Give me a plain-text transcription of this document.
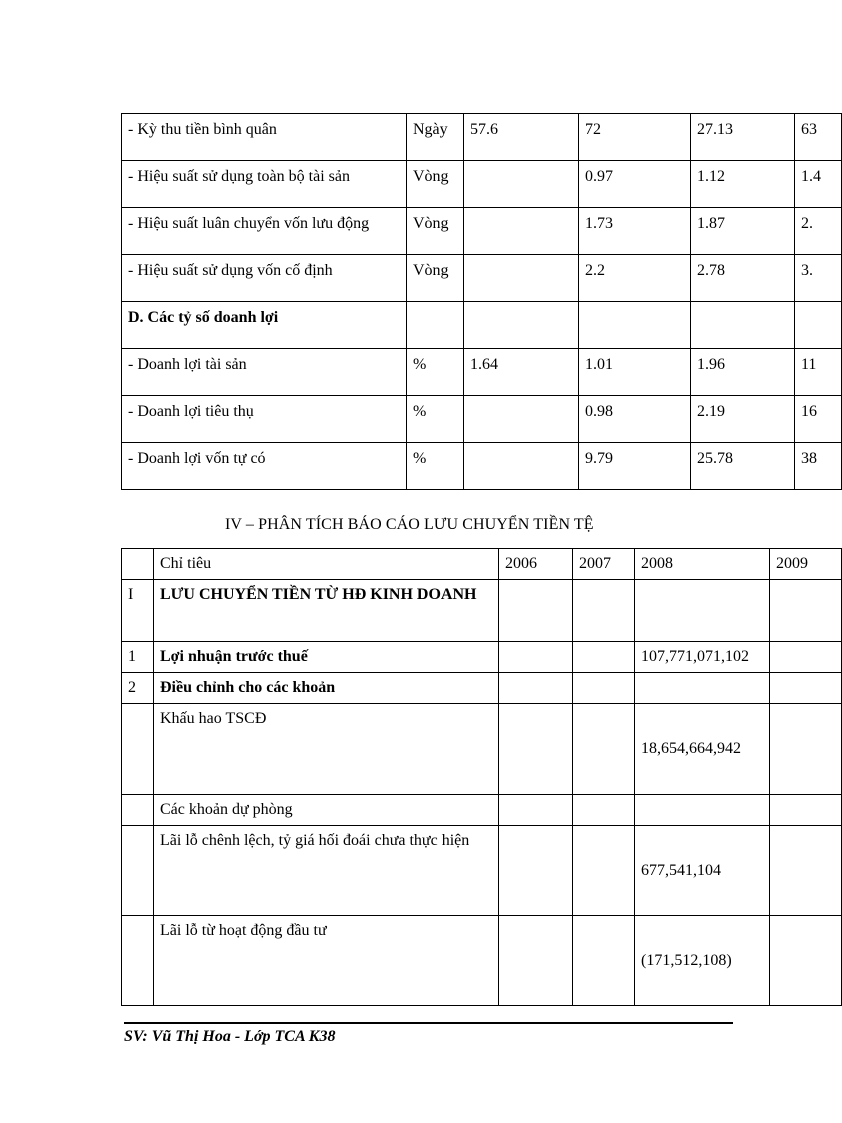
- Kỳ thu tiền bình quân	Ngày	57.6	72	27.13	63
- Hiệu suất sử dụng toàn bộ tài sản	Vòng		0.97	1.12	1.4
- Hiệu suất luân chuyển vốn lưu động	Vòng		1.73	1.87	2.
- Hiệu suất sử dụng vốn cố định	Vòng		2.2	2.78	3.
D. Các tỷ số doanh lợi					
- Doanh lợi tài sản	%	1.64	1.01	1.96	11
- Doanh lợi tiêu thụ	%		0.98	2.19	16
- Doanh lợi vốn tự có	%		9.79	25.78	38
IV – PHÂN TÍCH BÁO CÁO LƯU CHUYỂN TIỀN TỆ
	Chỉ tiêu	2006	2007	2008	2009
I	LƯU CHUYỂN TIỀN TỪ HĐ KINH DOANH				
1	Lợi nhuận trước thuế			107,771,071,102	
2	Điều chỉnh cho các khoản				
	Khấu hao TSCĐ			18,654,664,942	
	Các khoản dự phòng				
	Lãi lỗ chênh lệch, tỷ giá hối đoái chưa thực hiện			677,541,104	
	Lãi lỗ từ hoạt động đầu tư			(171,512,108)	
SV: Vũ Thị Hoa - Lớp TCA K38
